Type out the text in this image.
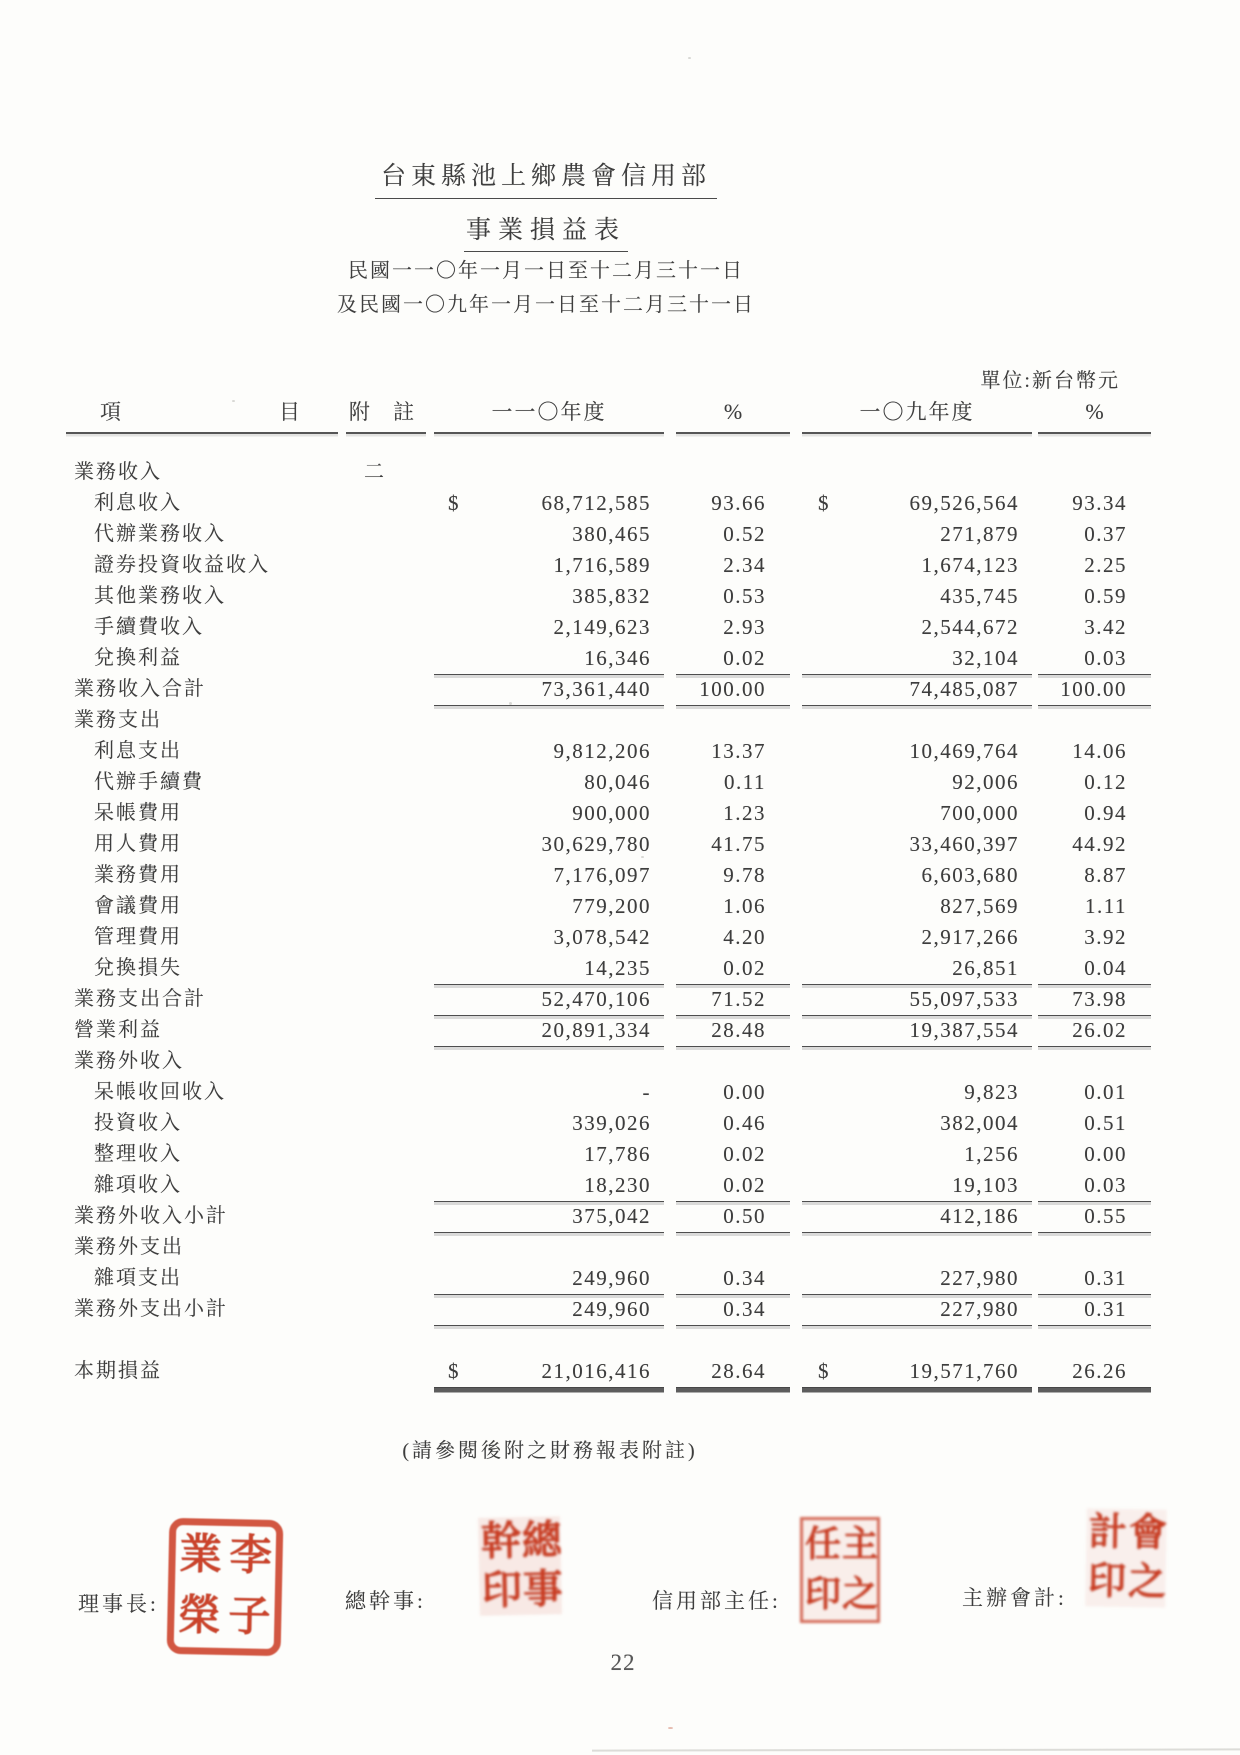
台東縣池上鄉農會信用部
事業損益表
民國一一〇年一月一日至十二月三十一日
及民國一〇九年一月一日至十二月三十一日
單位:新台幣元
項	目 附 註	一一〇年度	%	一〇九年度	%
業務收入	二
利息收入	$	68,712,585	93.66	$	69,526,564	93.34
代辦業務收入	380,465	0.52	271,879	0.37
證券投資收益收入	1,716,589	2.34	1,674,123	2.25
其他業務收入	385,832	0.53	435,745	0.59
手續費收入	2,149,623	2.93	2,544,672	3.42
兌換利益	16,346	0.02	32,104	0.03
業務收入合計	73,361,440	100.00	74,485,087	100.00
業務支出
利息支出	9,812,206	13.37	10,469,764	14.06
代辦手續費	80,046	0.11	92,006	0.12
呆帳費用	900,000	1.23	700,000	0.94
用人費用	30,629,780	41.75	33,460,397	44.92
業務費用	7,176,097	9.78	6,603,680	8.87
會議費用	779,200	1.06	827,569	1.11
管理費用	3,078,542	4.20	2,917,266	3.92
兌換損失	14,235	0.02	26,851	0.04
業務支出合計	52,470,106	71.52	55,097,533	73.98
營業利益	20,891,334	28.48	19,387,554	26.02
業務外收入
呆帳收回收入	-	0.00	9,823	0.01
投資收入	339,026	0.46	382,004	0.51
整理收入	17,786	0.02	1,256	0.00
雜項收入	18,230	0.02	19,103	0.03
業務外收入小計	375,042	0.50	412,186	0.55
業務外支出
雜項支出	249,960	0.34	227,980	0.31
業務外支出小計	249,960	0.34	227,980	0.31
本期損益	$	21,016,416	28.64	$	19,571,760	26.26
(請參閱後附之財務報表附註)
理事長:
李
業
子
榮	總幹事:
總
幹
事
印	信用部主任:
主
任
之
印	主辦會計:
會
計
之
印
22
